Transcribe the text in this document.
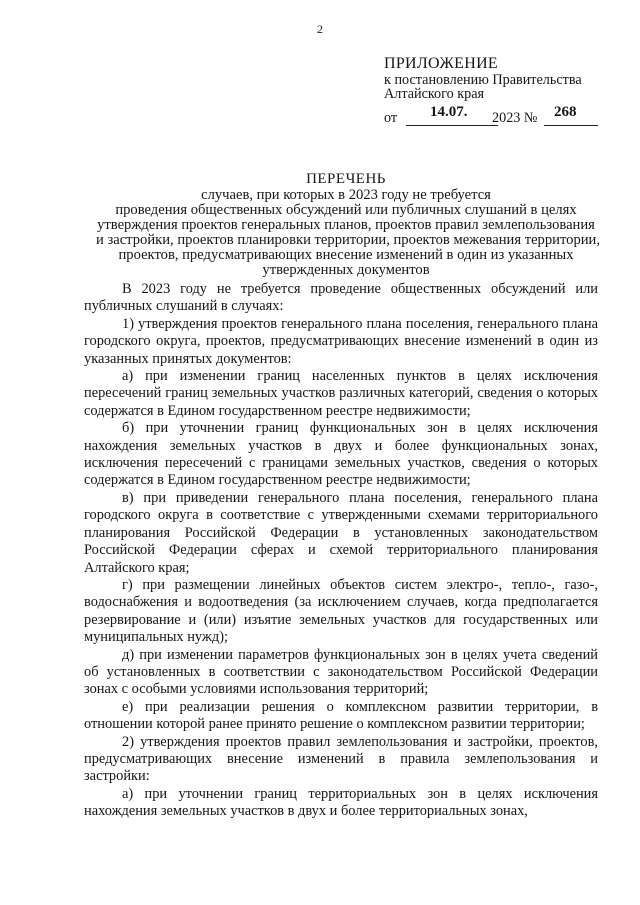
2
ПРИЛОЖЕНИЕ
к постановлению Правительства
Алтайского края
от 14.07. 2023 № 268
ПЕРЕЧЕНЬ
случаев, при которых в 2023 году не требуется
проведения общественных обсуждений или публичных слушаний в целях
утверждения проектов генеральных планов, проектов правил землепользования
и застройки, проектов планировки территории, проектов межевания территории,
проектов, предусматривающих внесение изменений в один из указанных
утвержденных документов

В 2023 году не требуется проведение общественных обсуждений или публичных слушаний в случаях:

1) утверждения проектов генерального плана поселения, генерального плана городского округа, проектов, предусматривающих внесение изменений в один из указанных принятых документов:

а) при изменении границ населенных пунктов в целях исключения пересечений границ земельных участков различных категорий, сведения о которых содержатся в Едином государственном реестре недвижимости;

б) при уточнении границ функциональных зон в целях исключения нахождения земельных участков в двух и более функциональных зонах, исключения пересечений с границами земельных участков, сведения о которых содержатся в Едином государственном реестре недвижимости;

в) при приведении генерального плана поселения, генерального плана городского округа в соответствие с утвержденными схемами территориального планирования Российской Федерации в установленных законодательством Российской Федерации сферах и схемой территориального планирования Алтайского края;

г) при размещении линейных объектов систем электро-, тепло-, газо-, водоснабжения и водоотведения (за исключением случаев, когда предполагается резервирование и (или) изъятие земельных участков для государственных или муниципальных нужд);

д) при изменении параметров функциональных зон в целях учета сведений об установленных в соответствии с законодательством Российской Федерации зонах с особыми условиями использования территорий;

е) при реализации решения о комплексном развитии территории, в отношении которой ранее принято решение о комплексном развитии территории;

2) утверждения проектов правил землепользования и застройки, проектов, предусматривающих внесение изменений в правила землепользования и застройки:

а) при уточнении границ территориальных зон в целях исключения нахождения земельных участков в двух и более территориальных зонах,
